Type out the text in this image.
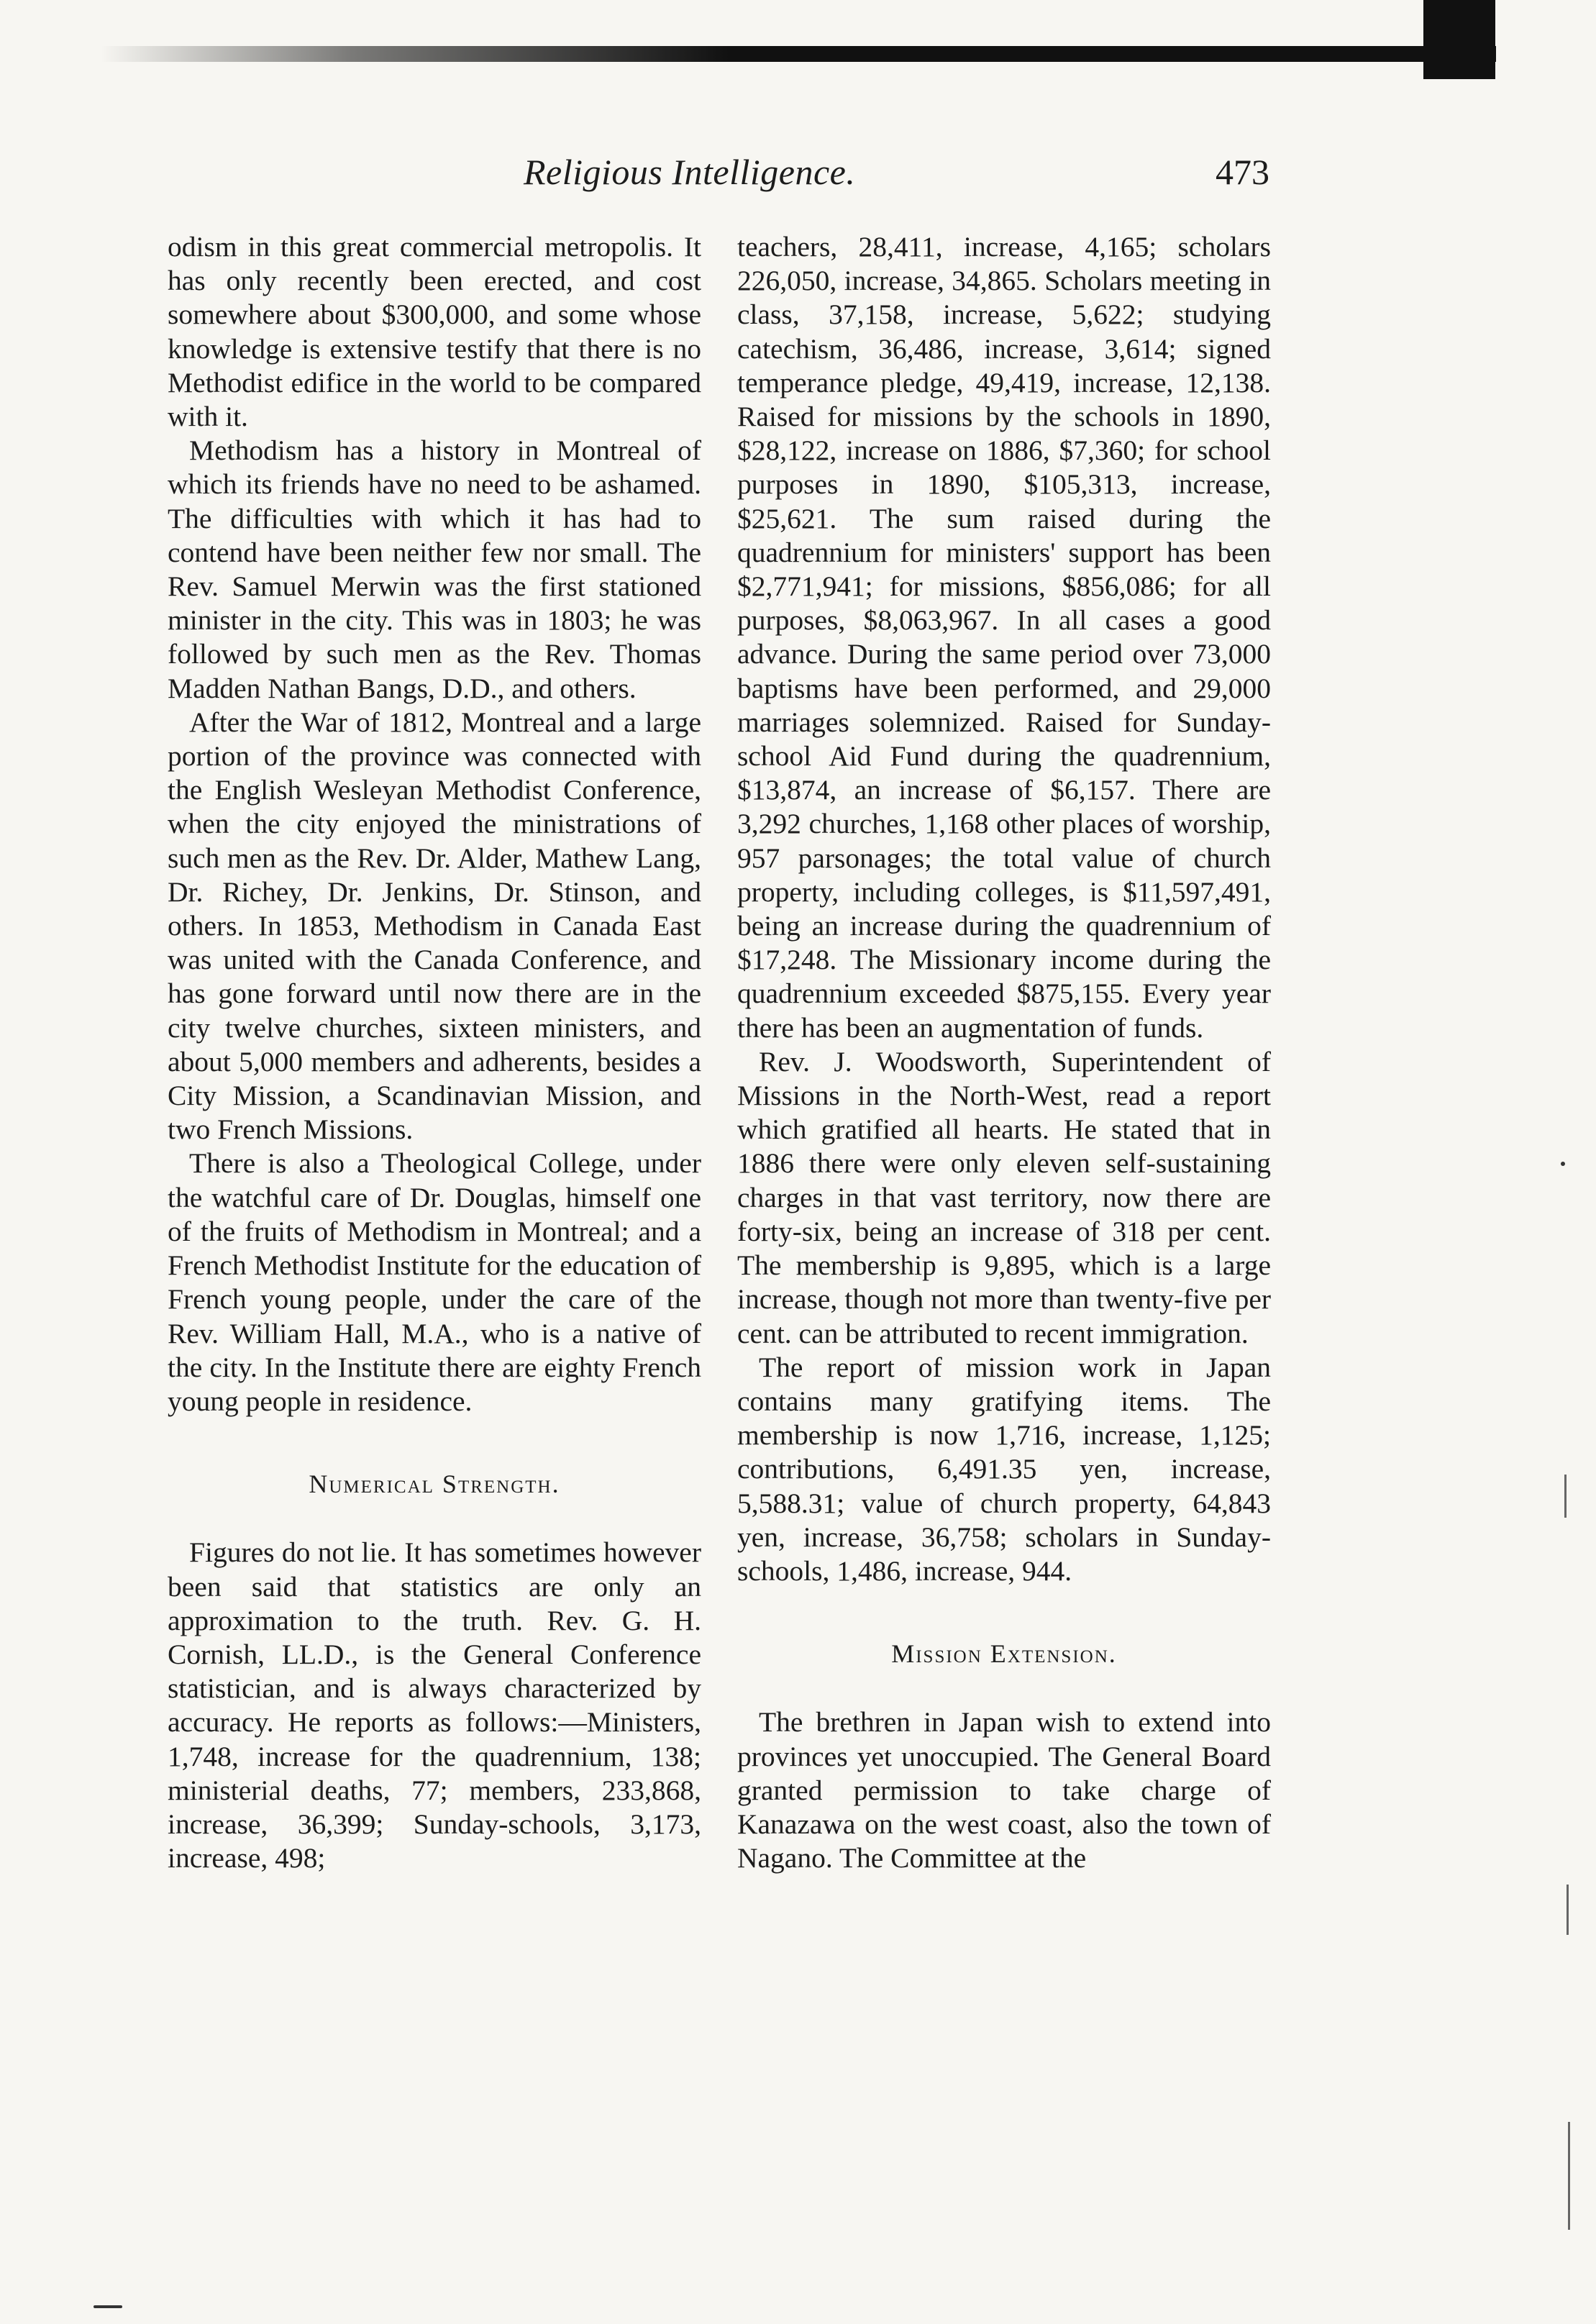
Religious Intelligence.	473

odism in this great commercial metropolis. It has only recently been erected, and cost somewhere about $300,000, and some whose knowledge is extensive testify that there is no Methodist edifice in the world to be compared with it.

Methodism has a history in Montreal of which its friends have no need to be ashamed. The difficulties with which it has had to contend have been neither few nor small. The Rev. Samuel Merwin was the first stationed minister in the city. This was in 1803; he was followed by such men as the Rev. Thomas Madden Nathan Bangs, D.D., and others.

After the War of 1812, Montreal and a large portion of the province was connected with the English Wesleyan Methodist Conference, when the city enjoyed the ministrations of such men as the Rev. Dr. Alder, Mathew Lang, Dr. Richey, Dr. Jenkins, Dr. Stinson, and others. In 1853, Methodism in Canada East was united with the Canada Conference, and has gone forward until now there are in the city twelve churches, sixteen ministers, and about 5,000 members and adherents, besides a City Mission, a Scandinavian Mission, and two French Missions.

There is also a Theological College, under the watchful care of Dr. Douglas, himself one of the fruits of Methodism in Montreal; and a French Methodist Institute for the education of French young people, under the care of the Rev. William Hall, M.A., who is a native of the city. In the Institute there are eighty French young people in residence.

Numerical Strength.

Figures do not lie. It has sometimes however been said that statistics are only an approximation to the truth. Rev. G. H. Cornish, LL.D., is the General Conference statistician, and is always characterized by accuracy. He reports as follows:—Ministers, 1,748, increase for the quadrennium, 138; ministerial deaths, 77; members, 233,868, increase, 36,399; Sunday-schools, 3,173, increase, 498;

teachers, 28,411, increase, 4,165; scholars 226,050, increase, 34,865. Scholars meeting in class, 37,158, increase, 5,622; studying catechism, 36,486, increase, 3,614; signed temperance pledge, 49,419, increase, 12,138. Raised for missions by the schools in 1890, $28,122, increase on 1886, $7,360; for school purposes in 1890, $105,313, increase, $25,621. The sum raised during the quadrennium for ministers' support has been $2,771,941; for missions, $856,086; for all purposes, $8,063,967. In all cases a good advance. During the same period over 73,000 baptisms have been performed, and 29,000 marriages solemnized. Raised for Sunday-school Aid Fund during the quadrennium, $13,874, an increase of $6,157. There are 3,292 churches, 1,168 other places of worship, 957 parsonages; the total value of church property, including colleges, is $11,597,491, being an increase during the quadrennium of $17,248. The Missionary income during the quadrennium exceeded $875,155. Every year there has been an augmentation of funds.

Rev. J. Woodsworth, Superintendent of Missions in the North-West, read a report which gratified all hearts. He stated that in 1886 there were only eleven self-sustaining charges in that vast territory, now there are forty-six, being an increase of 318 per cent. The membership is 9,895, which is a large increase, though not more than twenty-five per cent. can be attributed to recent immigration.

The report of mission work in Japan contains many gratifying items. The membership is now 1,716, increase, 1,125; contributions, 6,491.35 yen, increase, 5,588.31; value of church property, 64,843 yen, increase, 36,758; scholars in Sunday-schools, 1,486, increase, 944.

Mission Extension.

The brethren in Japan wish to extend into provinces yet unoccupied. The General Board granted permission to take charge of Kanazawa on the west coast, also the town of Nagano. The Committee at the
